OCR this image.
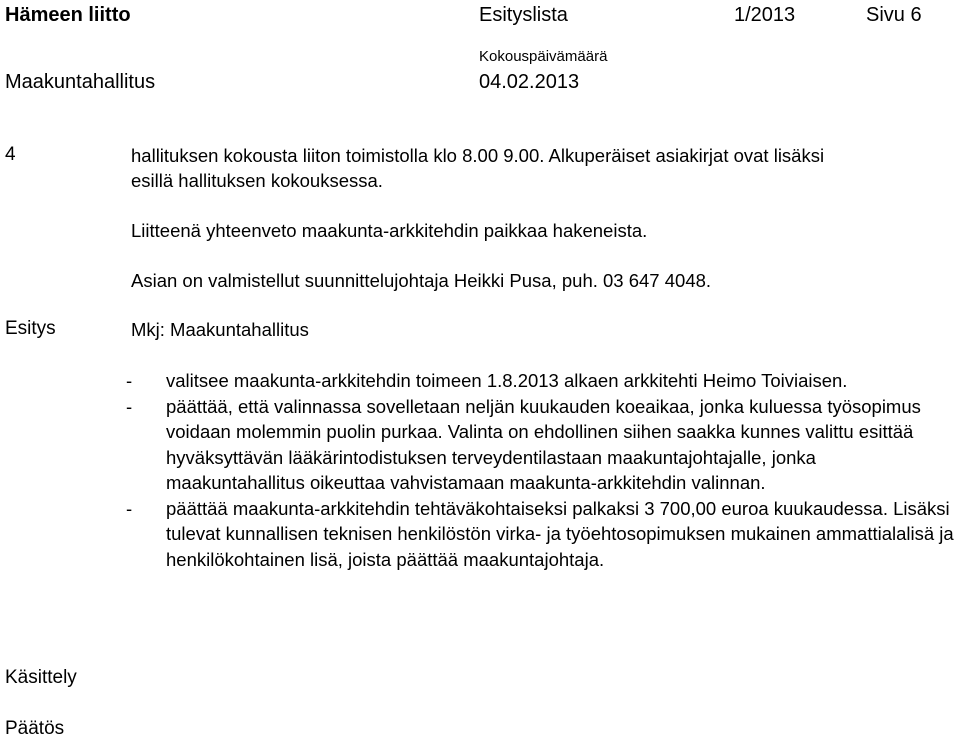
Hämeen liitto	Esityslista	1/2013	Sivu 6
Kokouspäivämäärä
Maakuntahallitus	04.02.2013
4	hallituksen kokousta liiton toimistolla klo 8.00 9.00. Alkuperäiset asiakirjat ovat lisäksi
esillä hallituksen kokouksessa.
Liitteenä yhteenveto maakunta-arkkitehdin paikkaa hakeneista.
Asian on valmistellut suunnittelujohtaja Heikki Pusa, puh. 03 647 4048.
Esitys	Mkj: Maakuntahallitus
-	valitsee maakunta-arkkitehdin toimeen 1.8.2013 alkaen arkkitehti Heimo Toiviaisen.
-	päättää, että valinnassa sovelletaan neljän kuukauden koeaikaa, jonka kuluessa työsopimus voidaan molemmin puolin purkaa. Valinta on ehdollinen siihen saakka kunnes valittu esittää hyväksyttävän lääkärintodistuksen terveydentilastaan maakuntajohtajalle, jonka maakuntahallitus oikeuttaa vahvistamaan maakunta-arkkitehdin valinnan.
-	päättää maakunta-arkkitehdin tehtäväkohtaiseksi palkaksi 3 700,00 euroa kuukaudessa. Lisäksi tulevat kunnallisen teknisen henkilöstön virka- ja työehtosopimuksen mukainen ammattialalisä ja henkilökohtainen lisä, joista päättää maakuntajohtaja.
Käsittely
Päätös
